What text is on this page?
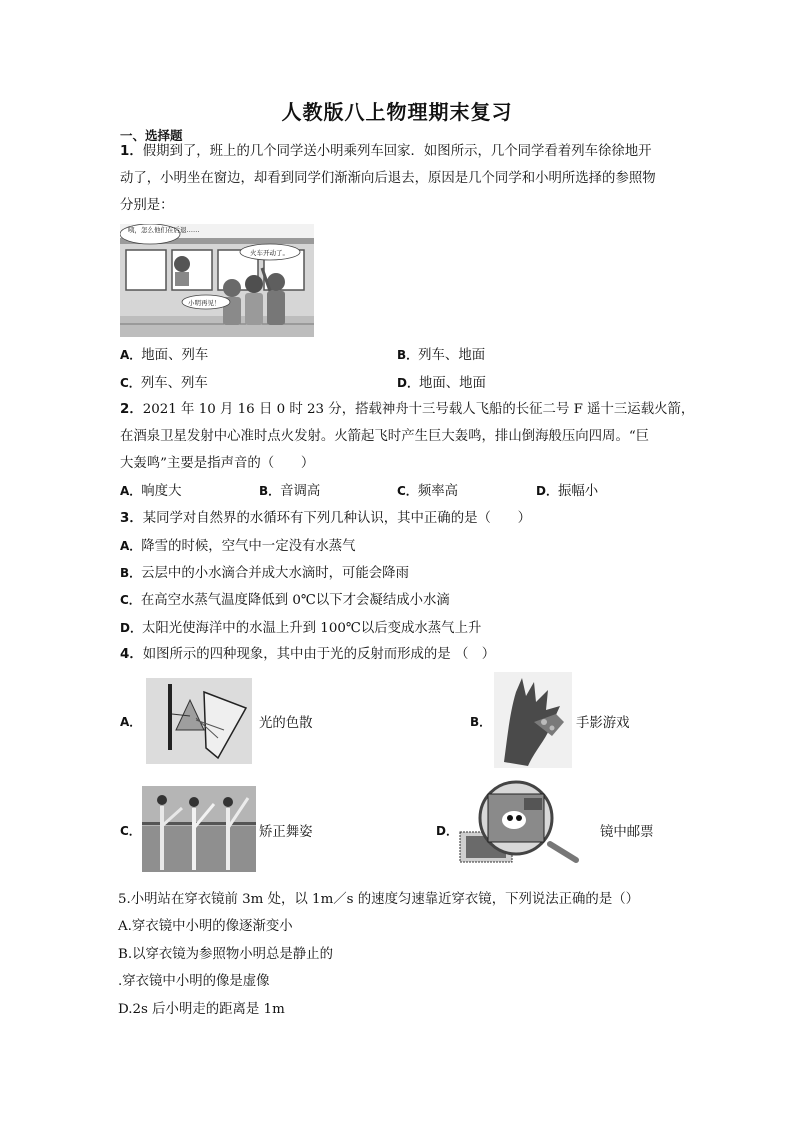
人教版八上物理期末复习
一、选择题
1．假期到了，班上的几个同学送小明乘列车回家．如图所示，几个同学看着列车徐徐地开
动了，小明坐在窗边，却看到同学们渐渐向后退去，原因是几个同学和小明所选择的参照物
分别是：
咦，怎么他们在后退……
火车开动了。
小明再见！
A．地面、列车	B．列车、地面
C．列车、列车	D．地面、地面
2．2021 年 10 月 16 日 0 时 23 分，搭载神舟十三号载人飞船的长征二号 F 遥十三运载火箭，
在酒泉卫星发射中心准时点火发射。火箭起飞时产生巨大轰鸣，排山倒海般压向四周。“巨
大轰鸣”主要是指声音的（　　）
A．响度大	B．音调高	C．频率高	D．振幅小
3．某同学对自然界的水循环有下列几种认识，其中正确的是（　　）
A．降雪的时候，空气中一定没有水蒸气
B．云层中的小水滴合并成大水滴时，可能会降雨
C．在高空水蒸气温度降低到 0℃以下才会凝结成小水滴
D．太阳光使海洋中的水温上升到 100℃以后变成水蒸气上升
4．如图所示的四种现象，其中由于光的反射而形成的是 （　）
A．	光的色散	B．	手影游戏
C．	矫正舞姿	D．	镜中邮票
5.小明站在穿衣镜前 3m 处，以 1m／s 的速度匀速靠近穿衣镜，下列说法正确的是（）
A.穿衣镜中小明的像逐渐变小
B.以穿衣镜为参照物小明总是静止的
.穿衣镜中小明的像是虚像
D.2s 后小明走的距离是 1m
